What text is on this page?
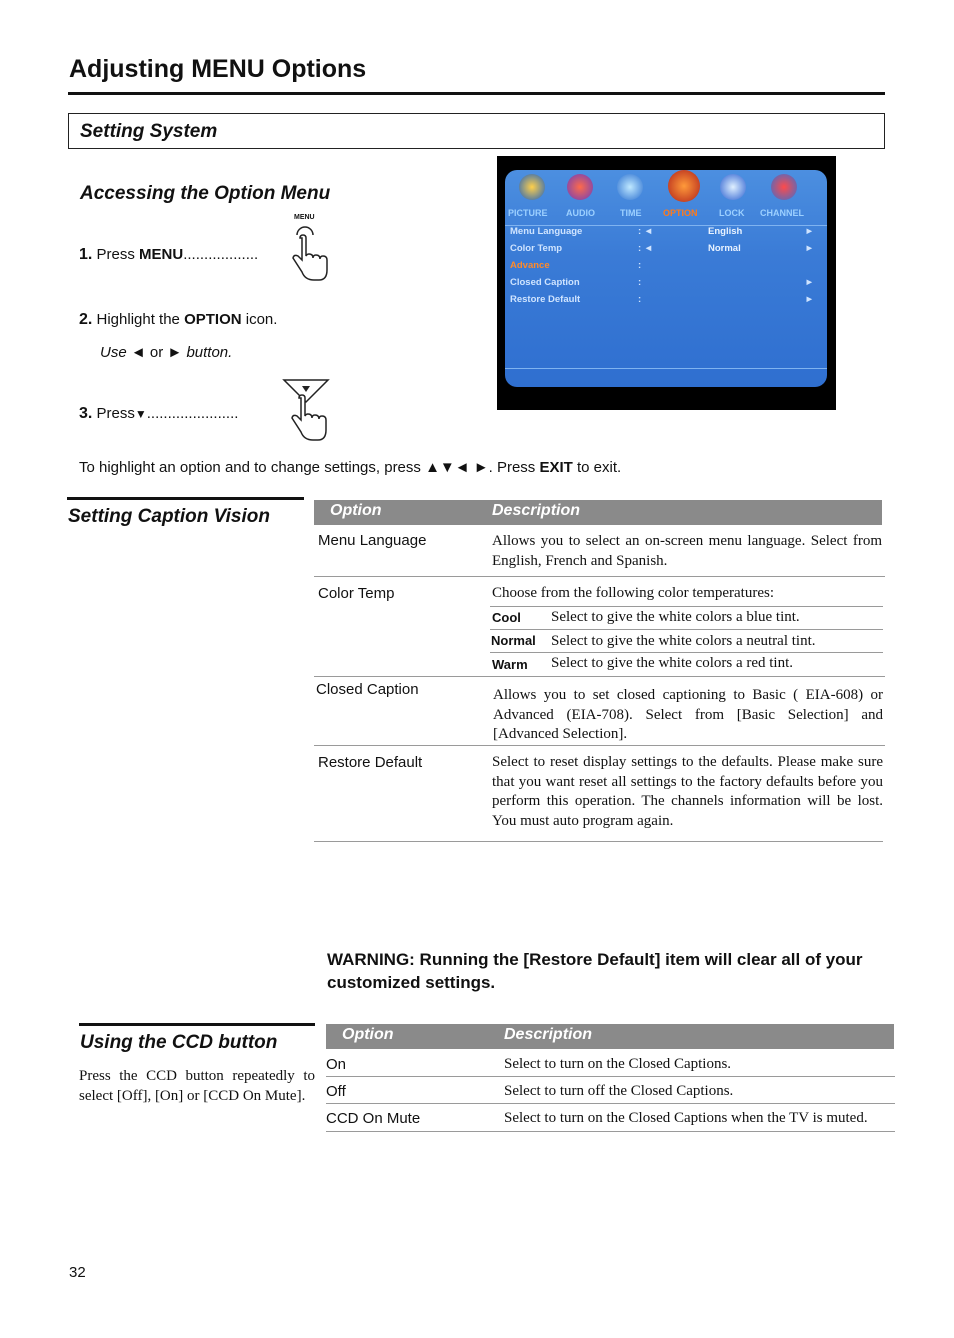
Adjusting MENU Options
Setting System
Accessing the Option Menu
1. Press MENU..................
MENU
2. Highlight the OPTION icon.
Use ◄ or ► button.
3. Press▼......................
PICTURE AUDIO	TIME OPTION LOCK CHANNEL
Menu Language	: ◄	English	►
Color Temp	: ◄	Normal	►
Advance	:
Closed Caption	:	►
Restore Default	:	►
To highlight an option and to change settings, press ▲▼◄ ►. Press EXIT to exit.
Setting Caption Vision	Option	Description
Menu Language	Allows you to select an on-screen menu language. Select from English, French and Spanish.
Color Temp	Choose from the following color temperatures:
Cool Select to give the white colors a blue tint.
Normal Select to give the white colors a neutral tint.
Warm Select to give the white colors a red tint.
Closed Caption	Allows you to set closed captioning to Basic ( EIA-608) or Advanced (EIA-708). Select from [Basic Selection] and [Advanced Selection].
Restore Default	Select to reset display settings to the defaults. Please make sure that you want reset all settings to the factory defaults before you perform this operation. The channels information will be lost. You must auto program again.
WARNING: Running the [Restore Default] item will clear all of your customized settings.
Using the CCD button
Press the CCD button repeatedly to select [Off], [On] or [CCD On Mute].
Option	Description
On	Select to turn on the Closed Captions.
Off	Select to turn off the Closed Captions.
CCD On Mute	Select to turn on the Closed Captions when the TV is muted.
32
